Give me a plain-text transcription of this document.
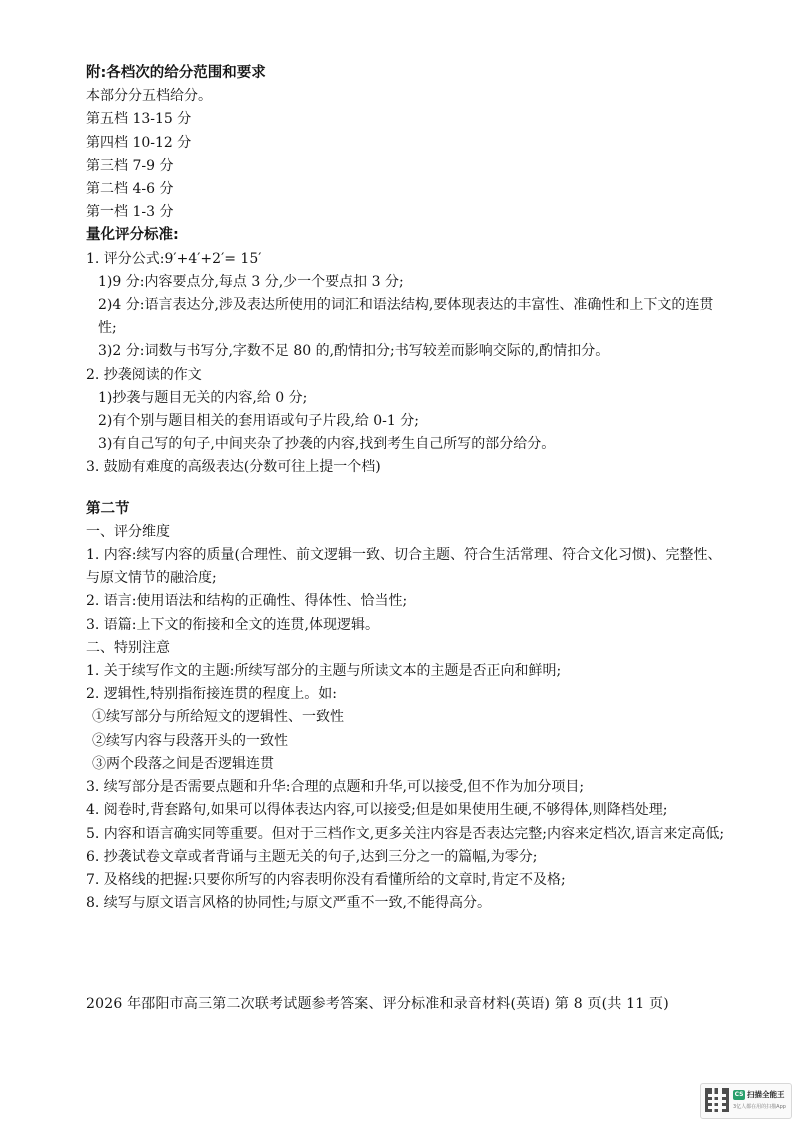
附:各档次的给分范围和要求
本部分分五档给分。
第五档 13-15 分
第四档 10-12 分
第三档 7-9 分
第二档 4-6 分
第一档 1-3 分
量化评分标准:
1. 评分公式:9′+4′+2′= 15′
1)9 分:内容要点分,每点 3 分,少一个要点扣 3 分;
2)4 分:语言表达分,涉及表达所使用的词汇和语法结构,要体现表达的丰富性、准确性和上下文的连贯性;
3)2 分:词数与书写分,字数不足 80 的,酌情扣分;书写较差而影响交际的,酌情扣分。
2. 抄袭阅读的作文
1)抄袭与题目无关的内容,给 0 分;
2)有个别与题目相关的套用语或句子片段,给 0-1 分;
3)有自己写的句子,中间夹杂了抄袭的内容,找到考生自己所写的部分给分。
3. 鼓励有难度的高级表达(分数可往上提一个档)
第二节
一、评分维度
1. 内容:续写内容的质量(合理性、前文逻辑一致、切合主题、符合生活常理、符合文化习惯)、完整性、与原文情节的融洽度;
2. 语言:使用语法和结构的正确性、得体性、恰当性;
3. 语篇:上下文的衔接和全文的连贯,体现逻辑。
二、特别注意
1. 关于续写作文的主题:所续写部分的主题与所读文本的主题是否正向和鲜明;
2. 逻辑性,特别指衔接连贯的程度上。如:
①续写部分与所给短文的逻辑性、一致性
②续写内容与段落开头的一致性
③两个段落之间是否逻辑连贯
3. 续写部分是否需要点题和升华:合理的点题和升华,可以接受,但不作为加分项目;
4. 阅卷时,背套路句,如果可以得体表达内容,可以接受;但是如果使用生硬,不够得体,则降档处理;
5. 内容和语言确实同等重要。但对于三档作文,更多关注内容是否表达完整;内容来定档次,语言来定高低;
6. 抄袭试卷文章或者背诵与主题无关的句子,达到三分之一的篇幅,为零分;
7. 及格线的把握:只要你所写的内容表明你没有看懂所给的文章时,肯定不及格;
8. 续写与原文语言风格的协同性;与原文严重不一致,不能得高分。
2026 年邵阳市高三第二次联考试题参考答案、评分标准和录音材料(英语) 第 8 页(共 11 页)
CS 扫描全能王
3亿人都在用的扫描App
